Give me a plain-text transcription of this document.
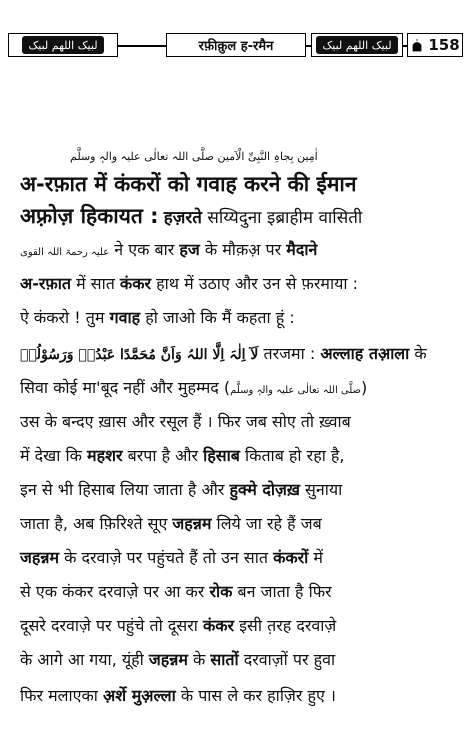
لبیک اللھم لبیک	रफ़ीक़ुल ह-रमैन	لبیک اللھم لبیک	158
اٰمِین بِجاہِ النَّبِیِّ الْاَمین صلَّی اللہ تعالٰی علیہ والہٖ وسلَّم
अ-रफ़ात में कंकरों को गवाह करने की ईमान
अफ़्रोज़ हिकायत : हज़रते सय्यिदुना इब्राहीम वासिती
علیہ رحمۃ اللہ القوی ने एक बार हज के मौक़अ़ पर मैदाने
अ-रफ़ात में सात कंकर हाथ में उठाए और उन से फ़रमाया :
ऐ कंकरो ! तुम गवाह हो जाओ कि मैं कहता हूं :
لَآ اِلٰہَ اِلَّا اللہُ وَاَنَّ مُحَمَّدًا عَبْدُہٗ وَرَسُوْلُہٗ तरजमा : अल्लाह तआ़ला के
सिवा कोई मा'बूद नहीं और मुहम्मद (صلَّی اللہ تعالٰی علیہ والہٖ وسلَّم)
उस के बन्दए ख़ास और रसूल हैं । फिर जब सोए तो ख़्वाब
में देखा कि महशर बरपा है और हिसाब किताब हो रहा है,
इन से भी हिसाब लिया जाता है और हुक्मे दोज़ख़ सुनाया
जाता है, अब फ़िरिश्ते सूए जहन्नम लिये जा रहे हैं जब
जहन्नम के दरवाज़े पर पहुंचते हैं तो उन सात कंकरों में
से एक कंकर दरवाज़े पर आ कर रोक बन जाता है फिर
दूसरे दरवाज़े पर पहुंचे तो दूसरा कंकर इसी त़रह दरवाज़े
के आगे आ गया, यूंही जहन्नम के सातों दरवाज़ों पर हुवा
फिर मलाएका अ़र्शे मुअ़ल्ला के पास ले कर हाज़िर हुए ।
